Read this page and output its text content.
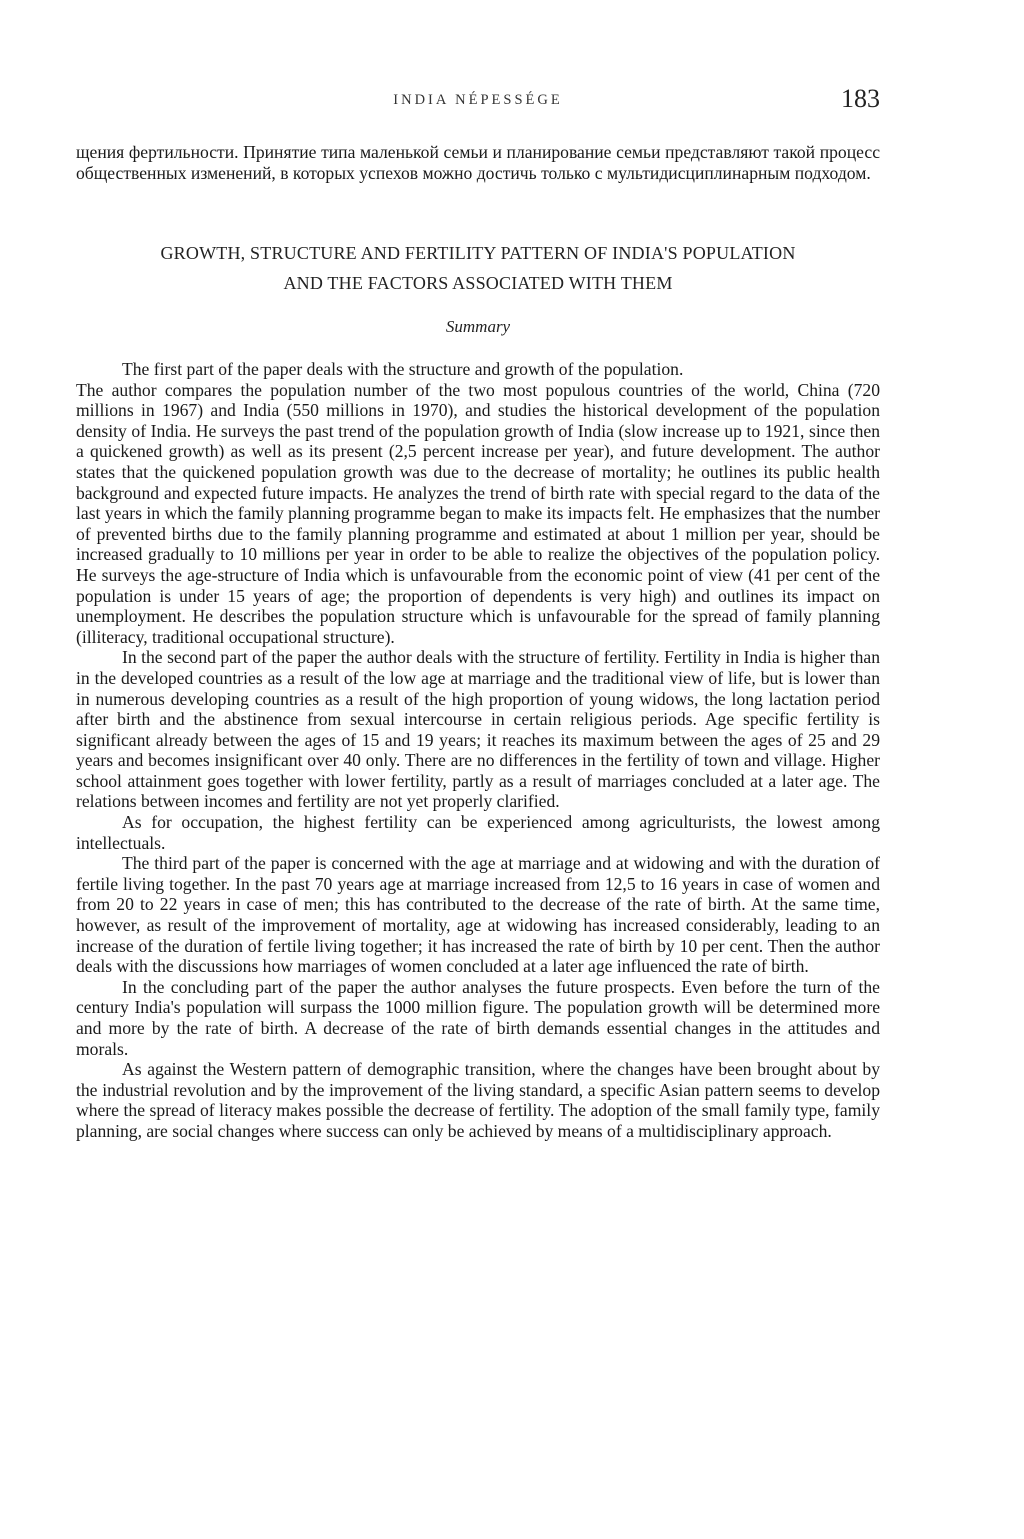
INDIA NÉPESSÉGE	183

щения фертильности. Принятие типа маленькой семьи и планирование семьи представляют такой процесс общественных изменений, в которых успехов можно достичь только с мультидисциплинарным подходом.

GROWTH, STRUCTURE AND FERTILITY PATTERN OF INDIA'S POPULATION
AND THE FACTORS ASSOCIATED WITH THEM
Summary

The first part of the paper deals with the structure and growth of the population.

The author compares the population number of the two most populous countries of the world, China (720 millions in 1967) and India (550 millions in 1970), and studies the historical development of the population density of India. He surveys the past trend of the population growth of India (slow increase up to 1921, since then a quickened growth) as well as its present (2,5 percent increase per year), and future development. The author states that the quickened population growth was due to the decrease of mortality; he outlines its public health background and expected future impacts. He analyzes the trend of birth rate with special regard to the data of the last years in which the family planning programme began to make its impacts felt. He emphasizes that the number of prevented births due to the family planning programme and estimated at about 1 million per year, should be increased gradually to 10 millions per year in order to be able to realize the objectives of the population policy. He surveys the age-structure of India which is unfavourable from the economic point of view (41 per cent of the population is under 15 years of age; the proportion of dependents is very high) and outlines its impact on unemployment. He describes the population structure which is unfavourable for the spread of family planning (illiteracy, traditional occupational structure).

In the second part of the paper the author deals with the structure of fertility. Fertility in India is higher than in the developed countries as a result of the low age at marriage and the traditional view of life, but is lower than in numerous developing countries as a result of the high proportion of young widows, the long lactation period after birth and the abstinence from sexual intercourse in certain religious periods. Age specific fertility is significant already between the ages of 15 and 19 years; it reaches its maximum between the ages of 25 and 29 years and becomes insignificant over 40 only. There are no differences in the fertility of town and village. Higher school attainment goes together with lower fertility, partly as a result of marriages concluded at a later age. The relations between incomes and fertility are not yet properly clarified.

As for occupation, the highest fertility can be experienced among agriculturists, the lowest among intellectuals.

The third part of the paper is concerned with the age at marriage and at widowing and with the duration of fertile living together. In the past 70 years age at marriage increased from 12,5 to 16 years in case of women and from 20 to 22 years in case of men; this has contributed to the decrease of the rate of birth. At the same time, however, as result of the improvement of mortality, age at widowing has increased considerably, leading to an increase of the duration of fertile living together; it has increased the rate of birth by 10 per cent. Then the author deals with the discussions how marriages of women concluded at a later age influenced the rate of birth.

In the concluding part of the paper the author analyses the future prospects. Even before the turn of the century India's population will surpass the 1000 million figure. The population growth will be determined more and more by the rate of birth. A decrease of the rate of birth demands essential changes in the attitudes and morals.

As against the Western pattern of demographic transition, where the changes have been brought about by the industrial revolution and by the improvement of the living standard, a specific Asian pattern seems to develop where the spread of literacy makes possible the decrease of fertility. The adoption of the small family type, family planning, are social changes where success can only be achieved by means of a multidisciplinary approach.
